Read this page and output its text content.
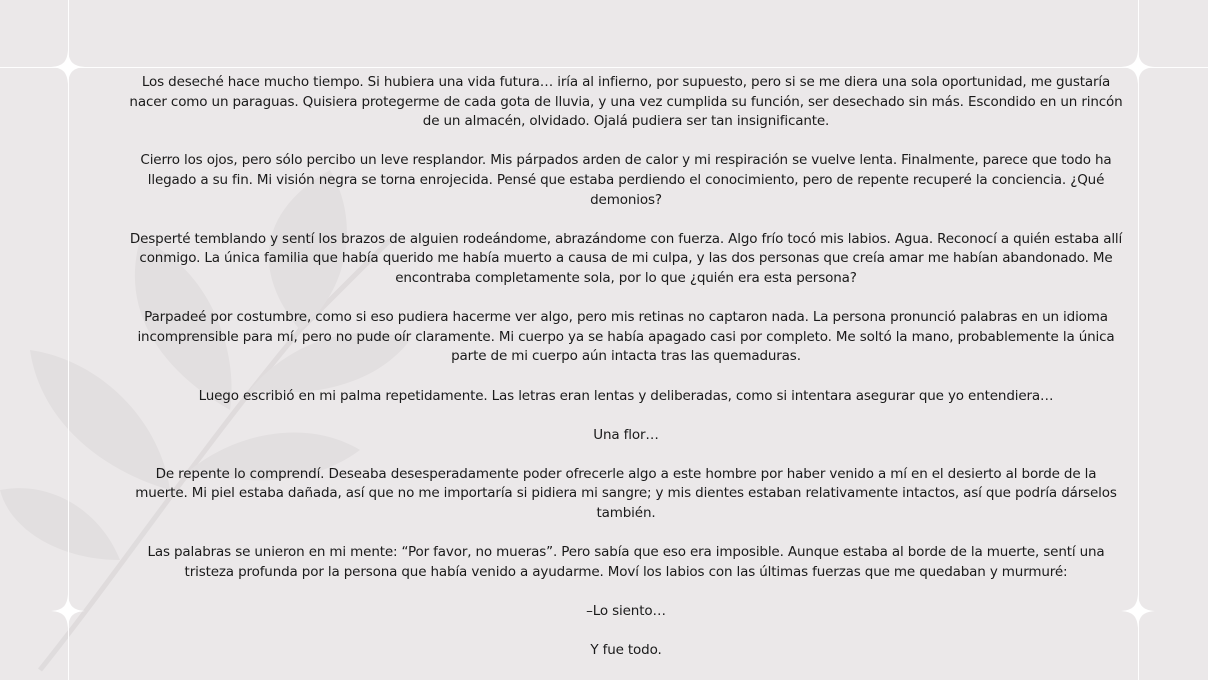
Los deseché hace mucho tiempo. Si hubiera una vida futura… iría al infierno, por supuesto, pero si se me diera una sola oportunidad, me gustaría nacer como un paraguas. Quisiera protegerme de cada gota de lluvia, y una vez cumplida su función, ser desechado sin más. Escondido en un rincón de un almacén, olvidado. Ojalá pudiera ser tan insignificante.

Cierro los ojos, pero sólo percibo un leve resplandor. Mis párpados arden de calor y mi respiración se vuelve lenta. Finalmente, parece que todo ha llegado a su fin. Mi visión negra se torna enrojecida. Pensé que estaba perdiendo el conocimiento, pero de repente recuperé la conciencia. ¿Qué demonios?

Desperté temblando y sentí los brazos de alguien rodeándome, abrazándome con fuerza. Algo frío tocó mis labios. Agua. Reconocí a quién estaba allí conmigo. La única familia que había querido me había muerto a causa de mi culpa, y las dos personas que creía amar me habían abandonado. Me encontraba completamente sola, por lo que ¿quién era esta persona?

Parpadeé por costumbre, como si eso pudiera hacerme ver algo, pero mis retinas no captaron nada. La persona pronunció palabras en un idioma incomprensible para mí, pero no pude oír claramente. Mi cuerpo ya se había apagado casi por completo. Me soltó la mano, probablemente la única parte de mi cuerpo aún intacta tras las quemaduras.

Luego escribió en mi palma repetidamente. Las letras eran lentas y deliberadas, como si intentara asegurar que yo entendiera…

Una flor…

De repente lo comprendí. Deseaba desesperadamente poder ofrecerle algo a este hombre por haber venido a mí en el desierto al borde de la muerte. Mi piel estaba dañada, así que no me importaría si pidiera mi sangre; y mis dientes estaban relativamente intactos, así que podría dárselos también.

Las palabras se unieron en mi mente: “Por favor, no mueras”. Pero sabía que eso era imposible. Aunque estaba al borde de la muerte, sentí una tristeza profunda por la persona que había venido a ayudarme. Moví los labios con las últimas fuerzas que me quedaban y murmuré:

–Lo siento…

Y fue todo.
